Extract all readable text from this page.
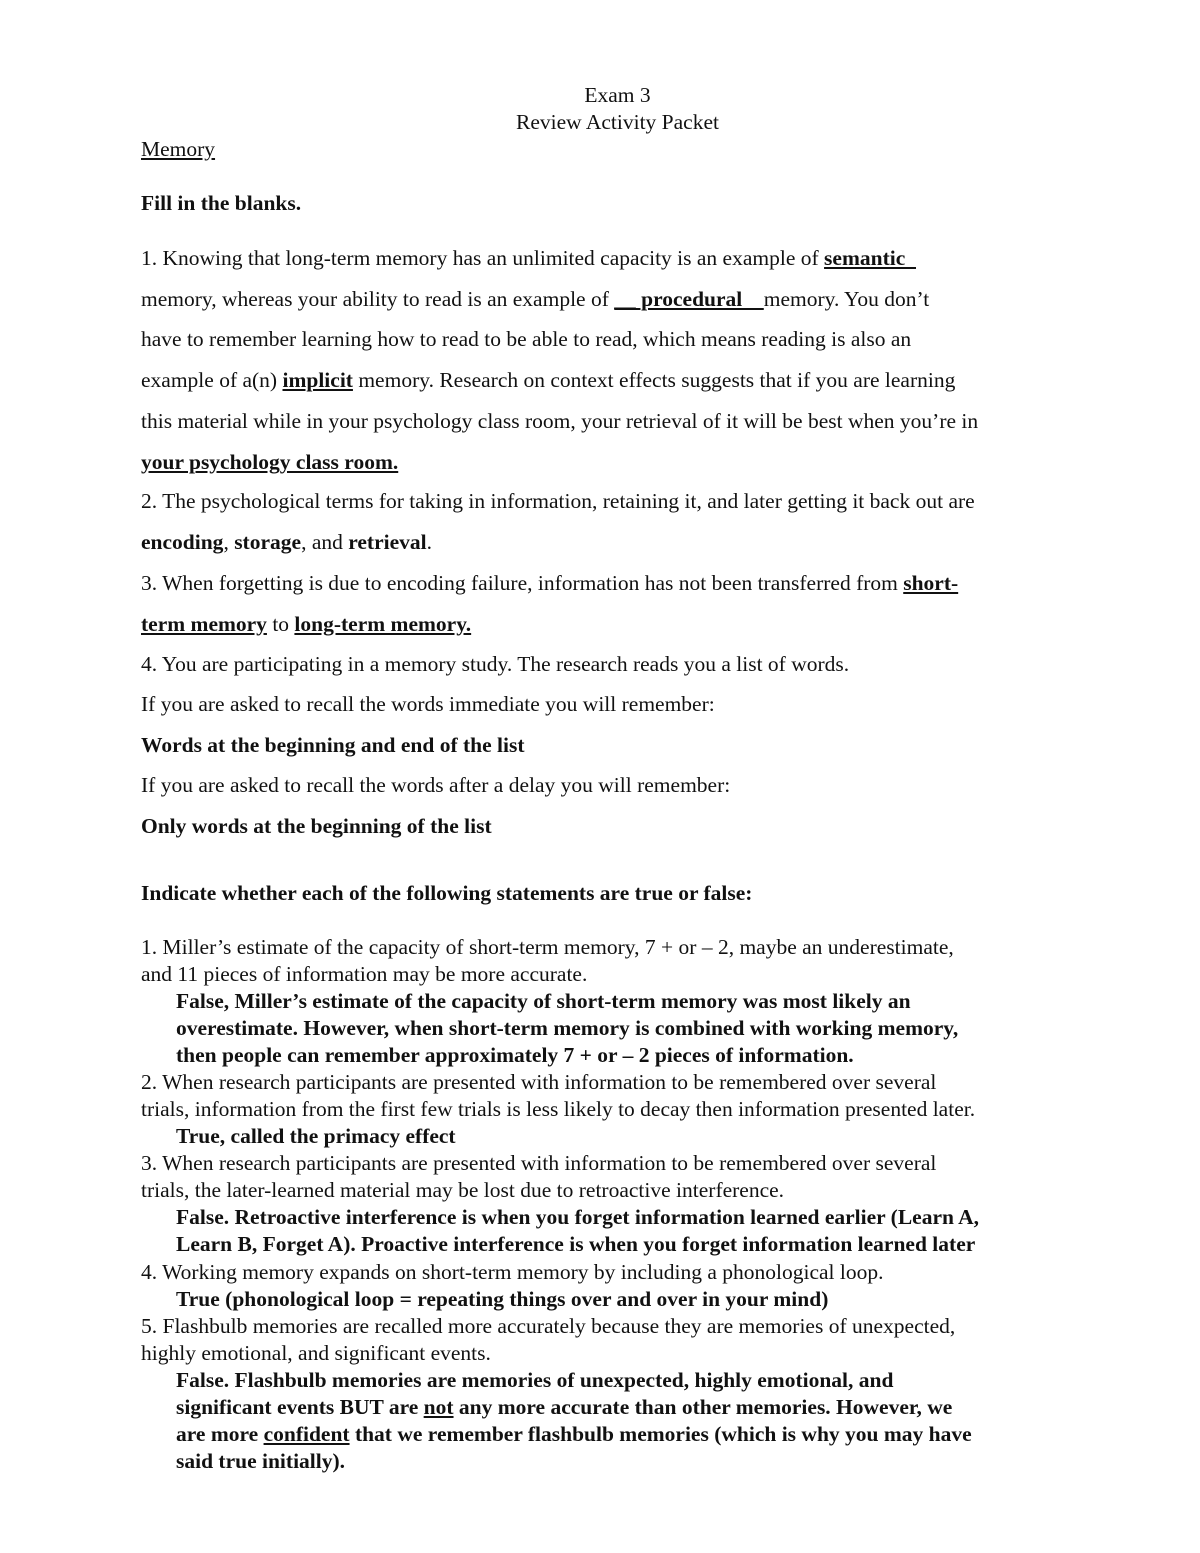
Exam 3
Review Activity Packet
Memory
Fill in the blanks.
1. Knowing that long-term memory has an unlimited capacity is an example of semantic
memory, whereas your ability to read is an example of __ procedural    memory. You don’t
have to remember learning how to read to be able to read, which means reading is also an
example of a(n) implicit memory. Research on context effects suggests that if you are learning
this material while in your psychology class room, your retrieval of it will be best when you’re in
your psychology class room.
2. The psychological terms for taking in information, retaining it, and later getting it back out are
encoding, storage, and retrieval.
3. When forgetting is due to encoding failure, information has not been transferred from short-
term memory to long-term memory.
4. You are participating in a memory study. The research reads you a list of words.
If you are asked to recall the words immediate you will remember:
Words at the beginning and end of the list
If you are asked to recall the words after a delay you will remember:
Only words at the beginning of the list
Indicate whether each of the following statements are true or false:
1. Miller’s estimate of the capacity of short-term memory, 7 + or – 2, maybe an underestimate,
and 11 pieces of information may be more accurate.
False, Miller’s estimate of the capacity of short-term memory was most likely an
overestimate. However, when short-term memory is combined with working memory,
then people can remember approximately 7 + or – 2 pieces of information.
2. When research participants are presented with information to be remembered over several
trials, information from the first few trials is less likely to decay then information presented later.
True, called the primacy effect
3. When research participants are presented with information to be remembered over several
trials, the later-learned material may be lost due to retroactive interference.
False. Retroactive interference is when you forget information learned earlier (Learn A,
Learn B, Forget A). Proactive interference is when you forget information learned later
4. Working memory expands on short-term memory by including a phonological loop.
True (phonological loop = repeating things over and over in your mind)
5. Flashbulb memories are recalled more accurately because they are memories of unexpected,
highly emotional, and significant events.
False. Flashbulb memories are memories of unexpected, highly emotional, and
significant events BUT are not any more accurate than other memories. However, we
are more confident that we remember flashbulb memories (which is why you may have
said true initially).
